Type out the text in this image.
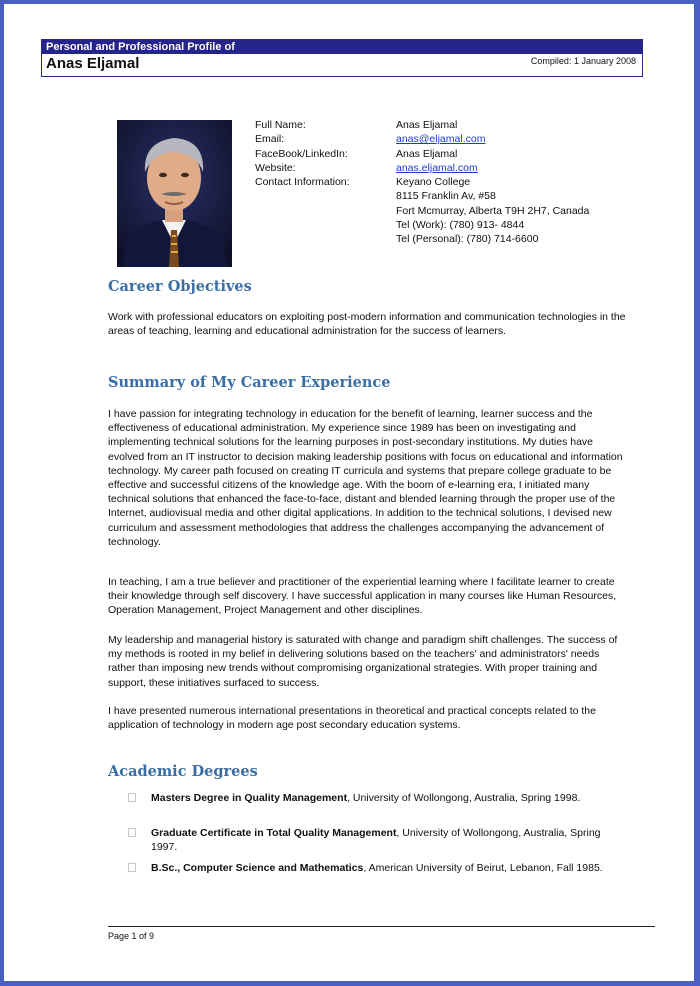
Personal and Professional Profile of
Anas Eljamal	Compiled: 1 January 2008
Full Name:
Email:
FaceBook/LinkedIn:
Website:
Contact Information:
Anas Eljamal
anas@eljamal.com
Anas Eljamal
anas.eljamal.com
Keyano College
8115 Franklin Av, #58
Fort Mcmurray, Alberta T9H 2H7, Canada
Tel (Work): (780) 913- 4844
Tel (Personal): (780) 714-6600
Career Objectives

Work with professional educators on exploiting post-modern information and communication technologies in the areas of teaching, learning and educational administration for the success of learners.

Summary of My Career Experience

I have passion for integrating technology in education for the benefit of learning, learner success and the effectiveness of educational administration. My experience since 1989 has been on investigating and implementing technical solutions for the learning purposes in post-secondary institutions. My duties have evolved from an IT instructor to decision making leadership positions with focus on educational and information technology. My career path focused on creating IT curricula and systems that prepare college graduate to be effective and successful citizens of the knowledge age. With the boom of e-learning era, I initiated many technical solutions that enhanced the face-to-face, distant and blended learning through the proper use of the Internet, audiovisual media and other digital applications. In addition to the technical solutions, I devised new curriculum and assessment methodologies that address the challenges accompanying the advancement of technology.

In teaching, I am a true believer and practitioner of the experiential learning where I facilitate learner to create their knowledge through self discovery. I have successful application in many courses like Human Resources, Operation Management, Project Management and other disciplines.

My leadership and managerial history is saturated with change and paradigm shift challenges. The success of my methods is rooted in my belief in delivering solutions based on the teachers' and administrators' needs rather than imposing new trends without compromising organizational strategies. With proper training and support, these initiatives surfaced to success.

I have presented numerous international presentations in theoretical and practical concepts related to the application of technology in modern age post secondary education systems.

Academic Degrees
Masters Degree in Quality Management, University of Wollongong, Australia, Spring 1998.
Graduate Certificate in Total Quality Management, University of Wollongong, Australia, Spring 1997.
B.Sc., Computer Science and Mathematics, American University of Beirut, Lebanon, Fall 1985.
Page 1 of 9
